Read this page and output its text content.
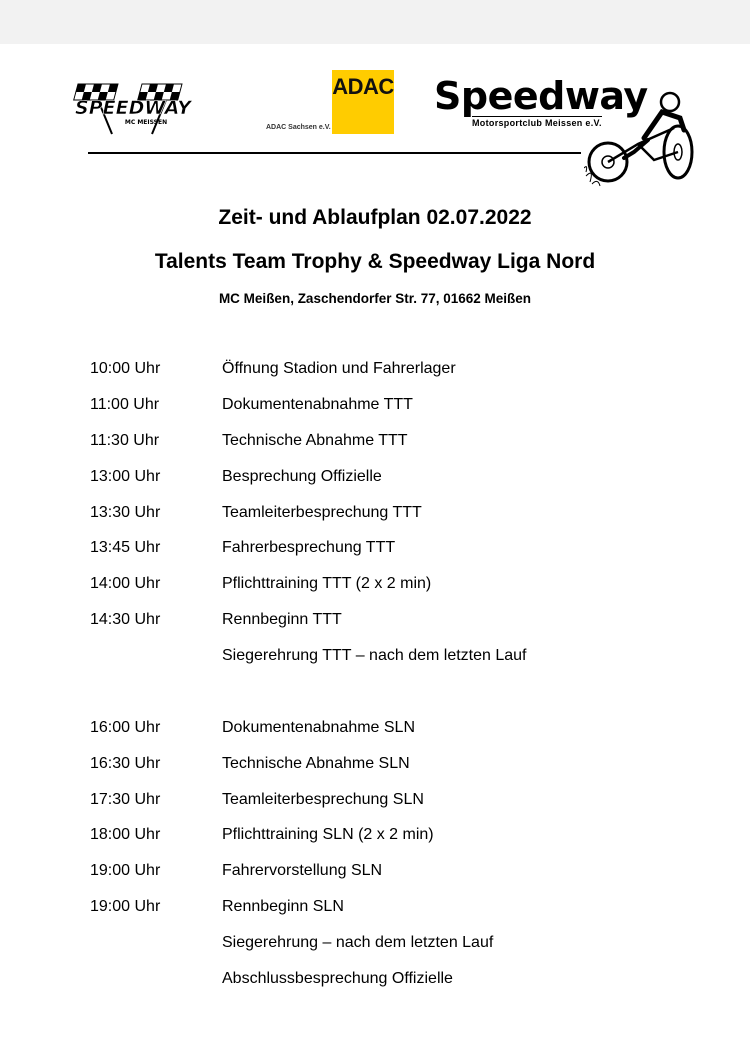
SPEEDWAY
MC MEISSEN
ADAC
ADAC Sachsen e.V.
Speedway
Motorsportclub Meissen e.V.
Zeit- und Ablaufplan 02.07.2022
Talents Team Trophy & Speedway Liga Nord
MC Meißen, Zaschendorfer Str. 77, 01662 Meißen
10:00 Uhr	Öffnung Stadion und Fahrerlager
11:00 Uhr	Dokumentenabnahme TTT
11:30 Uhr	Technische Abnahme TTT
13:00 Uhr	Besprechung Offizielle
13:30 Uhr	Teamleiterbesprechung TTT
13:45 Uhr	Fahrerbesprechung TTT
14:00 Uhr	Pflichttraining TTT (2 x 2 min)
14:30 Uhr	Rennbeginn TTT
Siegerehrung TTT – nach dem letzten Lauf
16:00 Uhr	Dokumentenabnahme SLN
16:30 Uhr	Technische Abnahme SLN
17:30 Uhr	Teamleiterbesprechung SLN
18:00 Uhr	Pflichttraining SLN (2 x 2 min)
19:00 Uhr	Fahrervorstellung SLN
19:00 Uhr	Rennbeginn SLN
Siegerehrung – nach dem letzten Lauf
Abschlussbesprechung Offizielle
